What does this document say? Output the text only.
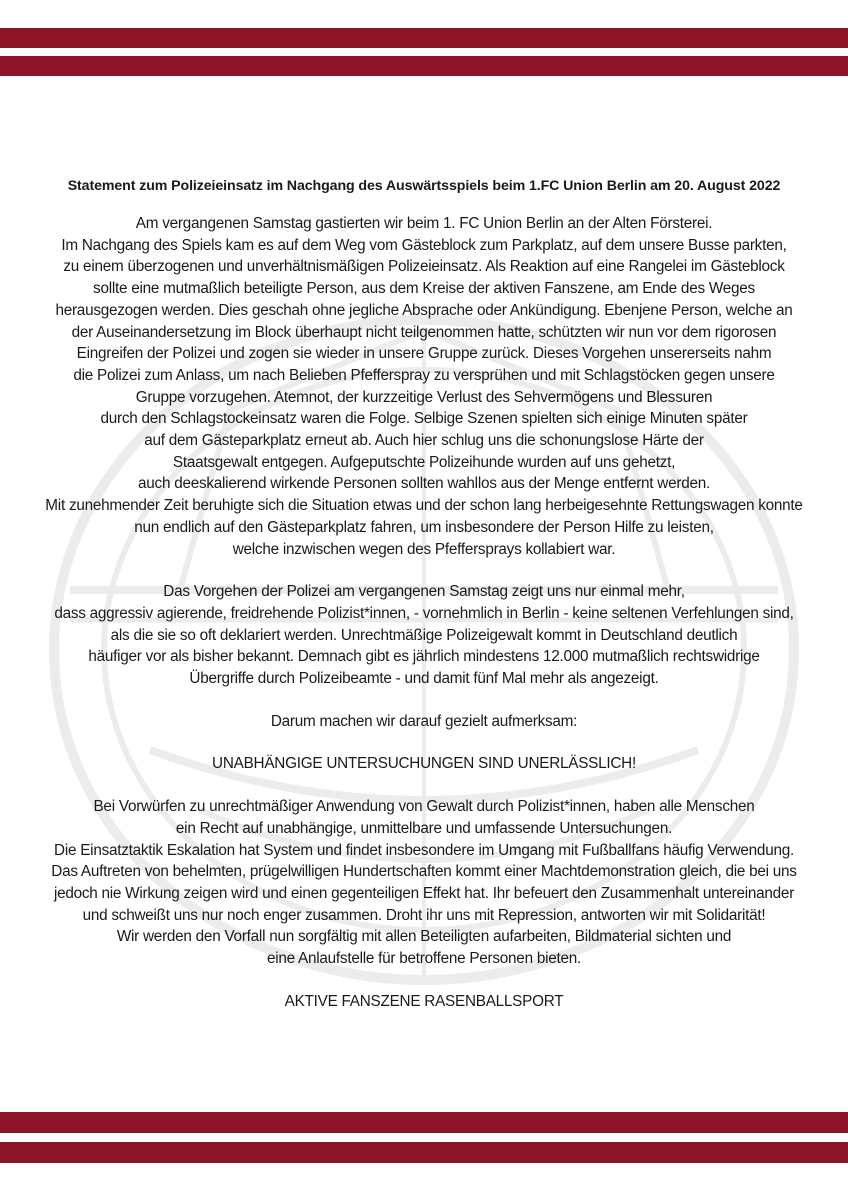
Statement zum Polizeieinsatz im Nachgang des Auswärtsspiels beim 1.FC Union Berlin am 20. August 2022
Am vergangenen Samstag gastierten wir beim 1. FC Union Berlin an der Alten Försterei.
Im Nachgang des Spiels kam es auf dem Weg vom Gästeblock zum Parkplatz, auf dem unsere Busse parkten,
zu einem überzogenen und unverhältnismäßigen Polizeieinsatz. Als Reaktion auf eine Rangelei im Gästeblock
sollte eine mutmaßlich beteiligte Person, aus dem Kreise der aktiven Fanszene, am Ende des Weges
herausgezogen werden. Dies geschah ohne jegliche Absprache oder Ankündigung. Ebenjene Person, welche an
der Auseinandersetzung im Block überhaupt nicht teilgenommen hatte, schützten wir nun vor dem rigorosen
Eingreifen der Polizei und zogen sie wieder in unsere Gruppe zurück. Dieses Vorgehen unsererseits nahm
die Polizei zum Anlass, um nach Belieben Pfefferspray zu versprühen und mit Schlagstöcken gegen unsere
Gruppe vorzugehen. Atemnot, der kurzzeitige Verlust des Sehvermögens und Blessuren
durch den Schlagstockeinsatz waren die Folge. Selbige Szenen spielten sich einige Minuten später
auf dem Gästeparkplatz erneut ab. Auch hier schlug uns die schonungslose Härte der
Staatsgewalt entgegen. Aufgeputschte Polizeihunde wurden auf uns gehetzt,
auch deeskalierend wirkende Personen sollten wahllos aus der Menge entfernt werden.
Mit zunehmender Zeit beruhigte sich die Situation etwas und der schon lang herbeigesehnte Rettungswagen konnte
nun endlich auf den Gästeparkplatz fahren, um insbesondere der Person Hilfe zu leisten,
welche inzwischen wegen des Pfeffersprays kollabiert war.
Das Vorgehen der Polizei am vergangenen Samstag zeigt uns nur einmal mehr,
dass aggressiv agierende, freidrehende Polizist*innen, - vornehmlich in Berlin - keine seltenen Verfehlungen sind,
als die sie so oft deklariert werden. Unrechtmäßige Polizeigewalt kommt in Deutschland deutlich
häufiger vor als bisher bekannt. Demnach gibt es jährlich mindestens 12.000 mutmaßlich rechtswidrige
Übergriffe durch Polizeibeamte - und damit fünf Mal mehr als angezeigt.
Darum machen wir darauf gezielt aufmerksam:
UNABHÄNGIGE UNTERSUCHUNGEN SIND UNERLÄSSLICH!
Bei Vorwürfen zu unrechtmäßiger Anwendung von Gewalt durch Polizist*innen, haben alle Menschen
ein Recht auf unabhängige, unmittelbare und umfassende Untersuchungen.
Die Einsatztaktik Eskalation hat System und findet insbesondere im Umgang mit Fußballfans häufig Verwendung.
Das Auftreten von behelmten, prügelwilligen Hundertschaften kommt einer Machtdemonstration gleich, die bei uns
jedoch nie Wirkung zeigen wird und einen gegenteiligen Effekt hat. Ihr befeuert den Zusammenhalt untereinander
und schweißt uns nur noch enger zusammen. Droht ihr uns mit Repression, antworten wir mit Solidarität!
Wir werden den Vorfall nun sorgfältig mit allen Beteiligten aufarbeiten, Bildmaterial sichten und
eine Anlaufstelle für betroffene Personen bieten.
AKTIVE FANSZENE RASENBALLSPORT
